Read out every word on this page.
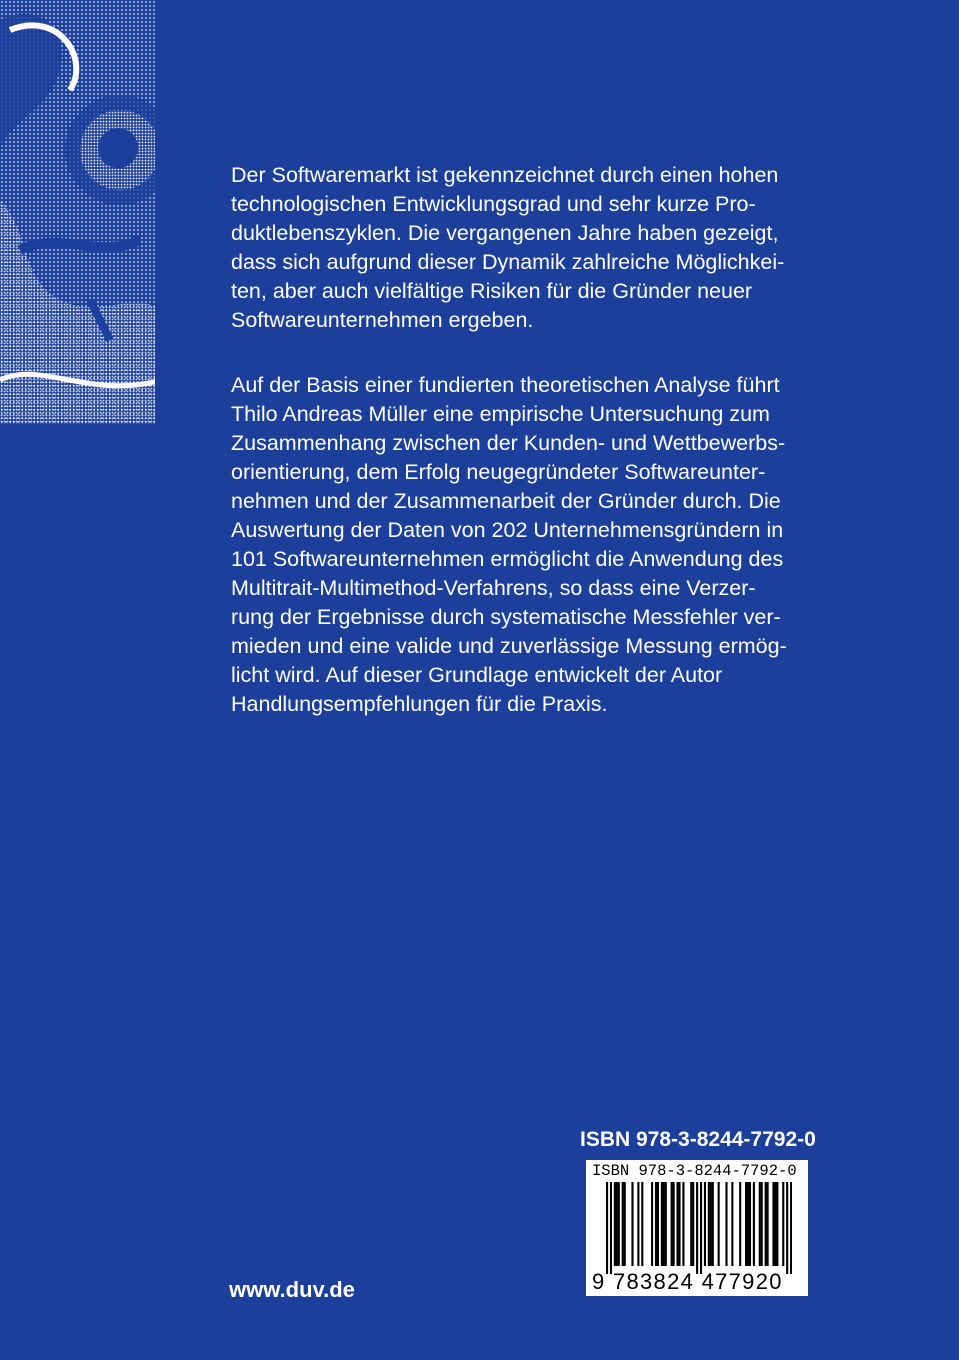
Der Softwaremarkt ist gekennzeichnet durch einen hohen
technologischen Entwicklungsgrad und sehr kurze Pro-
duktlebenszyklen. Die vergangenen Jahre haben gezeigt,
dass sich aufgrund dieser Dynamik zahlreiche Möglichkei-
ten, aber auch vielfältige Risiken für die Gründer neuer
Softwareunternehmen ergeben.
Auf der Basis einer fundierten theoretischen Analyse führt
Thilo Andreas Müller eine empirische Untersuchung zum
Zusammenhang zwischen der Kunden- und Wettbewerbs-
orientierung, dem Erfolg neugegründeter Softwareunter-
nehmen und der Zusammenarbeit der Gründer durch. Die
Auswertung der Daten von 202 Unternehmensgründern in
101 Softwareunternehmen ermöglicht die Anwendung des
Multitrait-Multimethod-Verfahrens, so dass eine Verzer-
rung der Ergebnisse durch systematische Messfehler ver-
mieden und eine valide und zuverlässige Messung ermög-
licht wird. Auf dieser Grundlage entwickelt der Autor
Handlungsempfehlungen für die Praxis.
ISBN 978-3-8244-7792-0
ISBN 978-3-8244-7792-0
9 783824 477920
www.duv.de
